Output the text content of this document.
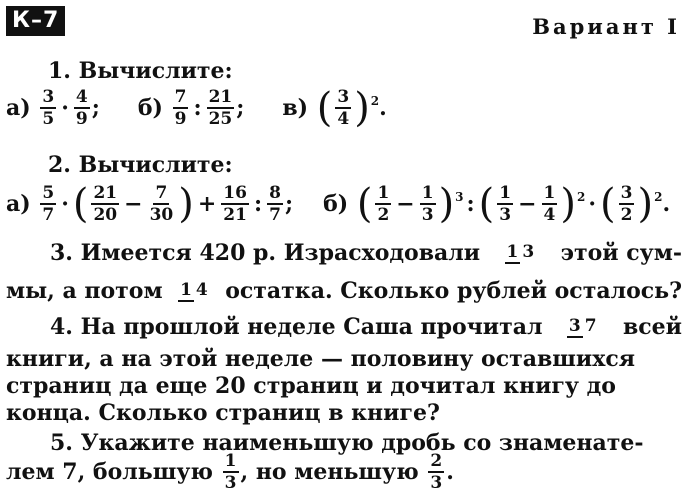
К–7	Вариант I
1. Вычислите:
а)
$\frac{3}{5} \cdot \frac{4}{9}$ ; б)
$\frac{7}{9}$ : $\frac{21}{25}$ ; в)
( $\frac{3}{4}$ ) 2 .
2. Вычислите:
а)
$\frac{5}{7}$ · ( $\frac{21}{20} - \frac{7}{30}$ ) + $\frac{16}{21}$ : $\frac{8}{7}$ ; б)
( $\frac{1}{2} - \frac{1}{3}$ ) 3 : ( $\frac{1}{3} - \frac{1}{4}$ ) 2 · ( $\frac{3}{2}$ ) 2 .
3. Имеется 420 р. Израсходовали 1 3 этой сум-
мы, а потом 1 4 остатка. Сколько рублей осталось?
4. На прошлой неделе Саша прочитал 3 7 всей
книги, а на этой неделе — половину оставшихся
страниц да еще 20 страниц и дочитал книгу до
конца. Сколько страниц в книге?
5. Укажите наименьшую дробь со знаменате-
лем 7, большую
$\frac{1}{3}$ , но меньшую
$\frac{2}{3}$ .
